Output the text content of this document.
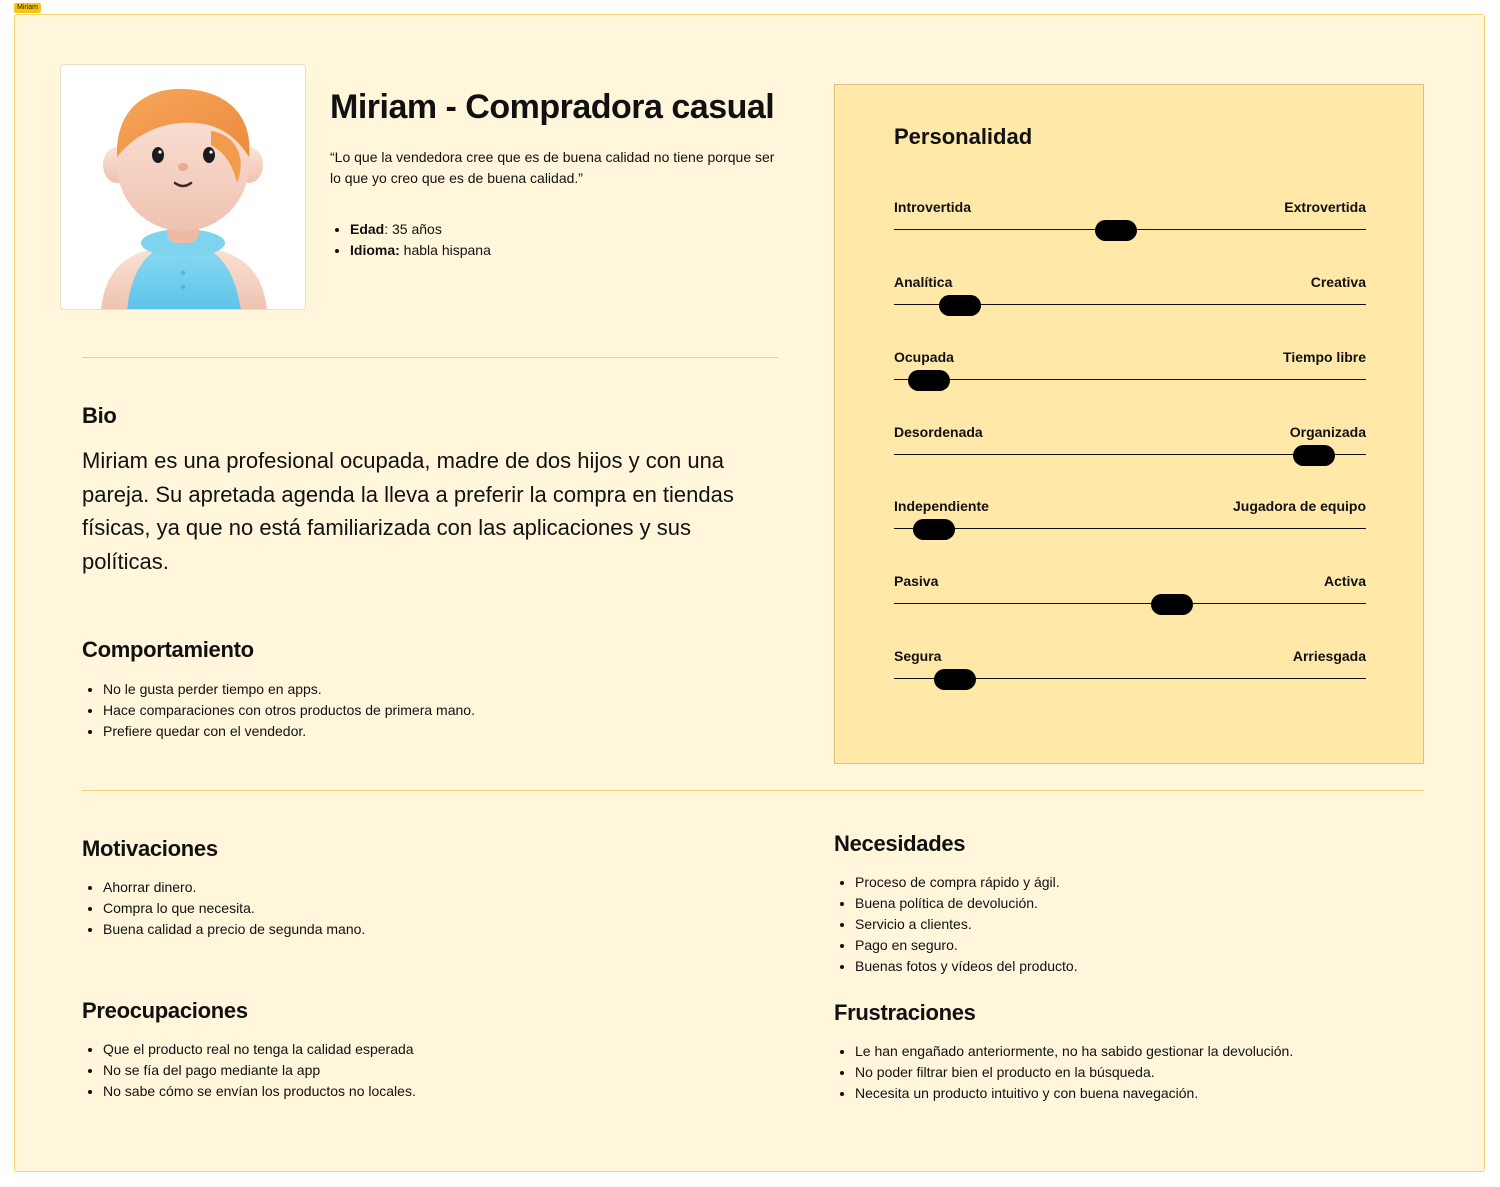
Miriam
Miriam - Compradora casual
“Lo que la vendedora cree que es de buena calidad no tiene porque ser lo que yo creo que es de buena calidad.”
• Edad: 35 años
• Idioma: habla hispana
Bio
Miriam es una profesional ocupada, madre de dos hijos y con una pareja. Su apretada agenda la lleva a preferir la compra en tiendas físicas, ya que no está familiarizada con las aplicaciones y sus políticas.
Comportamiento
• No le gusta perder tiempo en apps.
• Hace comparaciones con otros productos de primera mano.
• Prefiere quedar con el vendedor.
Personalidad
Introvertida	Extrovertida
Analítica	Creativa
Ocupada	Tiempo libre
Desordenada	Organizada
Independiente	Jugadora de equipo
Pasiva	Activa
Segura	Arriesgada
Motivaciones
• Ahorrar dinero.
• Compra lo que necesita.
• Buena calidad a precio de segunda mano.
Preocupaciones
• Que el producto real no tenga la calidad esperada
• No se fía del pago mediante la app
• No sabe cómo se envían los productos no locales.
Necesidades
• Proceso de compra rápido y ágil.
• Buena política de devolución.
• Servicio a clientes.
• Pago en seguro.
• Buenas fotos y vídeos del producto.
Frustraciones
• Le han engañado anteriormente, no ha sabido gestionar la devolución.
• No poder filtrar bien el producto en la búsqueda.
• Necesita un producto intuitivo y con buena navegación.
